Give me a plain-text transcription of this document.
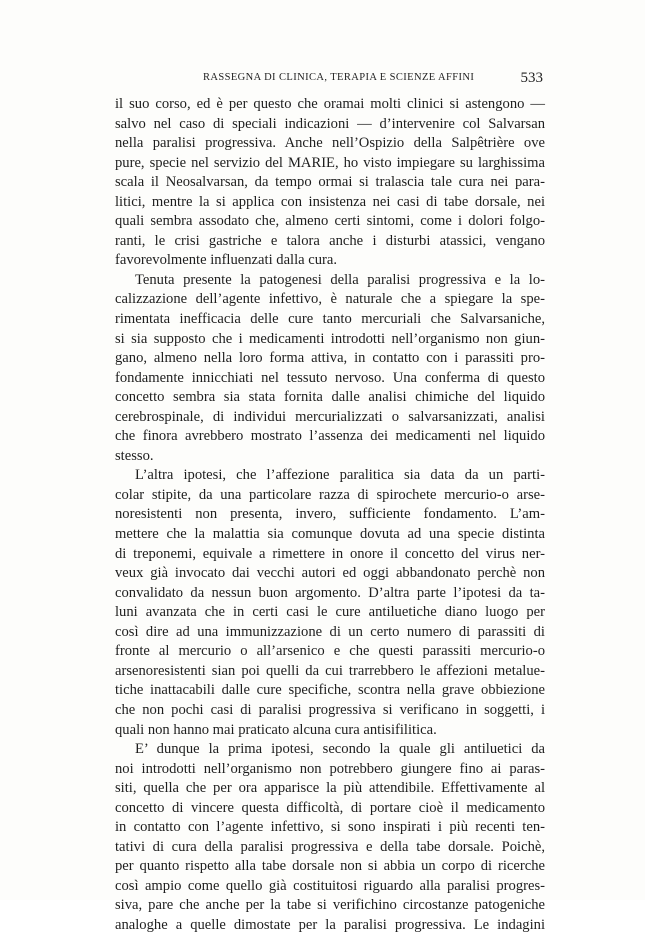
RASSEGNA DI CLINICA, TERAPIA E SCIENZE AFFINI	533
il suo corso, ed è per questo che oramai molti clinici si astengono —
salvo nel caso di speciali indicazioni — d’intervenire col Salvarsan
nella paralisi progressiva. Anche nell’Ospizio della Salpêtrière ove
pure, specie nel servizio del MARIE, ho visto impiegare su larghissima
scala il Neosalvarsan, da tempo ormai si tralascia tale cura nei para-
litici, mentre la si applica con insistenza nei casi di tabe dorsale, nei
quali sembra assodato che, almeno certi sintomi, come i dolori folgo-
ranti, le crisi gastriche e talora anche i disturbi atassici, vengano
favorevolmente influenzati dalla cura.
Tenuta presente la patogenesi della paralisi progressiva e la lo-
calizzazione dell’agente infettivo, è naturale che a spiegare la spe-
rimentata inefficacia delle cure tanto mercuriali che Salvarsaniche,
si sia supposto che i medicamenti introdotti nell’organismo non giun-
gano, almeno nella loro forma attiva, in contatto con i parassiti pro-
fondamente innicchiati nel tessuto nervoso. Una conferma di questo
concetto sembra sia stata fornita dalle analisi chimiche del liquido
cerebrospinale, di individui mercurializzati o salvarsanizzati, analisi
che finora avrebbero mostrato l’assenza dei medicamenti nel liquido
stesso.
L’altra ipotesi, che l’affezione paralitica sia data da un parti-
colar stipite, da una particolare razza di spirochete mercurio-o arse-
noresistenti non presenta, invero, sufficiente fondamento. L’am-
mettere che la malattia sia comunque dovuta ad una specie distinta
di treponemi, equivale a rimettere in onore il concetto del virus ner-
veux già invocato dai vecchi autori ed oggi abbandonato perchè non
convalidato da nessun buon argomento. D’altra parte l’ipotesi da ta-
luni avanzata che in certi casi le cure antiluetiche diano luogo per
così dire ad una immunizzazione di un certo numero di parassiti di
fronte al mercurio o all’arsenico e che questi parassiti mercurio-o
arsenoresistenti sian poi quelli da cui trarrebbero le affezioni metalue-
tiche inattacabili dalle cure specifiche, scontra nella grave obbiezione
che non pochi casi di paralisi progressiva si verificano in soggetti, i
quali non hanno mai praticato alcuna cura antisifilitica.
E’ dunque la prima ipotesi, secondo la quale gli antiluetici da
noi introdotti nell’organismo non potrebbero giungere fino ai paras-
siti, quella che per ora apparisce la più attendibile. Effettivamente al
concetto di vincere questa difficoltà, di portare cioè il medicamento
in contatto con l’agente infettivo, si sono inspirati i più recenti ten-
tativi di cura della paralisi progressiva e della tabe dorsale. Poichè,
per quanto rispetto alla tabe dorsale non si abbia un corpo di ricerche
così ampio come quello già costituitosi riguardo alla paralisi progres-
siva, pare che anche per la tabe si verifichino circostanze patogeniche
analoghe a quelle dimostate per la paralisi progressiva. Le indagini
